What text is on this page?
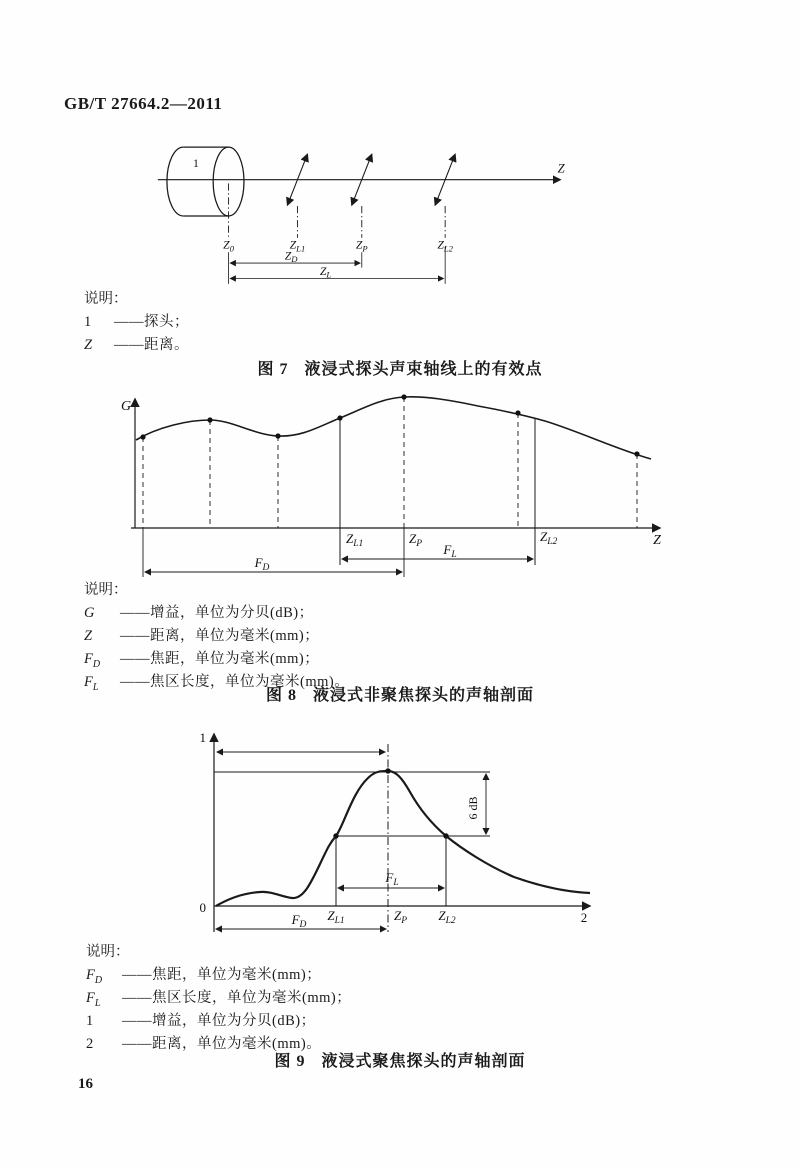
GB/T 27664.2—2011
1	Z
$Z_0$	$Z_{L1}$	$Z_P$	$Z_{L2}$
$Z_D$
$Z_L$
说明：
1	——探头；
Z	——距离。
图 7 液浸式探头声束轴线上的有效点
G
Z
$Z_{L1}$	$Z_P$	$Z_{L2}$
$F_L$
$F_D$
说明：
G	——增益，单位为分贝(dB)；
Z	——距离，单位为毫米(mm)；
$F_D$	——焦距，单位为毫米(mm)；
$F_L$	——焦区长度，单位为毫米(mm)。
图 8 液浸式非聚焦探头的声轴剖面
1
0
2
6 dB
$Z_{L1}$	$Z_P$ $Z_{L2}$
$F_L$
$F_D$
说明：
$F_D$	——焦距，单位为毫米(mm)；
$F_L$	——焦区长度，单位为毫米(mm)；
1	——增益，单位为分贝(dB)；
2	——距离，单位为毫米(mm)。
图 9 液浸式聚焦探头的声轴剖面
16
